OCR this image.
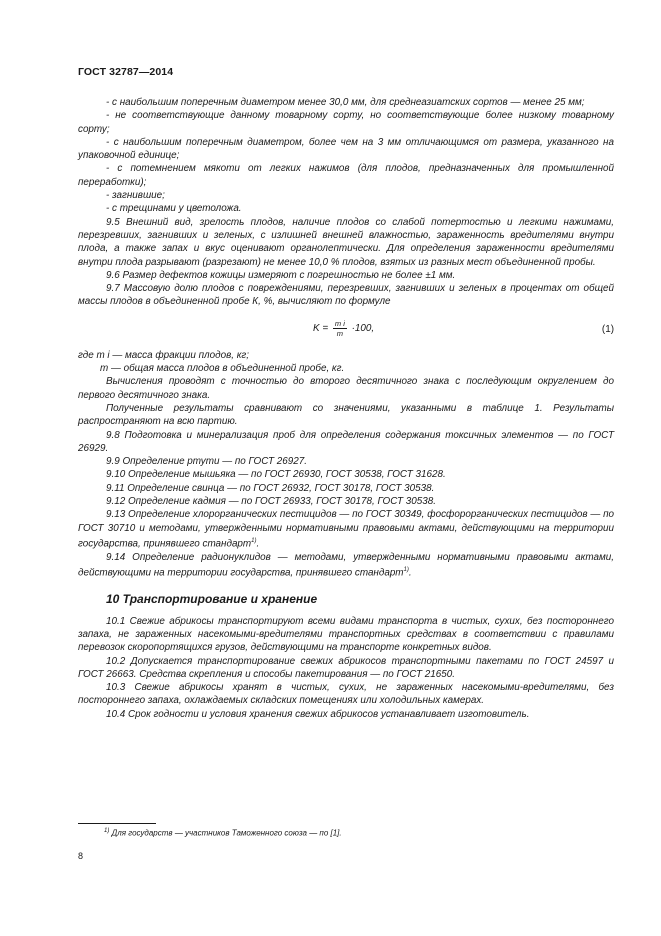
ГОСТ 32787—2014

- с наибольшим поперечным диаметром менее 30,0 мм, для среднеазиатских сортов — менее 25 мм;

- не соответствующие данному товарному сорту, но соответствующие более низкому товарному сорту;

- с наибольшим поперечным диаметром, более чем на 3 мм отличающимся от размера, указанного на упаковочной единице;

- с потемнением мякоти от легких нажимов (для плодов, предназначенных для промышленной переработки);

- загнившие;

- с трещинами у цветоложа.

9.5 Внешний вид, зрелость плодов, наличие плодов со слабой потертостью и легкими нажимами, перезревших, загнивших и зеленых, с излишней внешней влажностью, зараженность вредителями внутри плода, а также запах и вкус оценивают органолептически. Для определения зараженности вредителями внутри плода разрывают (разрезают) не менее 10,0 % плодов, взятых из разных мест объединенной пробы.

9.6 Размер дефектов кожицы измеряют с погрешностью не более ±1 мм.

9.7 Массовую долю плодов с повреждениями, перезревших, загнивших и зеленых в процентах от общей массы плодов в объединенной пробе К, %, вычисляют по формуле

$K = \frac{\text{m i}}{m} \cdot 100$,	(1)

где m i — масса фракции плодов, кг;

m — общая масса плодов в объединенной пробе, кг.

Вычисления проводят с точностью до второго десятичного знака с последующим округлением до первого десятичного знака.

Полученные результаты сравнивают со значениями, указанными в таблице 1. Результаты распространяют на всю партию.

9.8 Подготовка и минерализация проб для определения содержания токсичных элементов — по ГОСТ 26929.

9.9 Определение ртути — по ГОСТ 26927.

9.10 Определение мышьяка — по ГОСТ 26930, ГОСТ 30538, ГОСТ 31628.

9.11 Определение свинца — по ГОСТ 26932, ГОСТ 30178, ГОСТ 30538.

9.12 Определение кадмия — по ГОСТ 26933, ГОСТ 30178, ГОСТ 30538.

9.13 Определение хлорорганических пестицидов — по ГОСТ 30349, фосфорорганических пестицидов — по ГОСТ 30710 и методами, утвержденными нормативными правовыми актами, действующими на территории государства, принявшего стандарт$^{1)}$.

9.14 Определение радионуклидов — методами, утвержденными нормативными правовыми актами, действующими на территории государства, принявшего стандарт$^{1)}$.

10 Транспортирование и хранение

10.1 Свежие абрикосы транспортируют всеми видами транспорта в чистых, сухих, без постороннего запаха, не зараженных насекомыми-вредителями транспортных средствах в соответствии с правилами перевозок скоропортящихся грузов, действующими на транспорте конкретных видов.

10.2 Допускается транспортирование свежих абрикосов транспортными пакетами по ГОСТ 24597 и ГОСТ 26663. Средства скрепления и способы пакетирования — по ГОСТ 21650.

10.3 Свежие абрикосы хранят в чистых, сухих, не зараженных насекомыми-вредителями, без постороннего запаха, охлаждаемых складских помещениях или холодильных камерах.

10.4 Срок годности и условия хранения свежих абрикосов устанавливает изготовитель.

$^{1)}$ Для государств — участников Таможенного союза — по [1].
8
